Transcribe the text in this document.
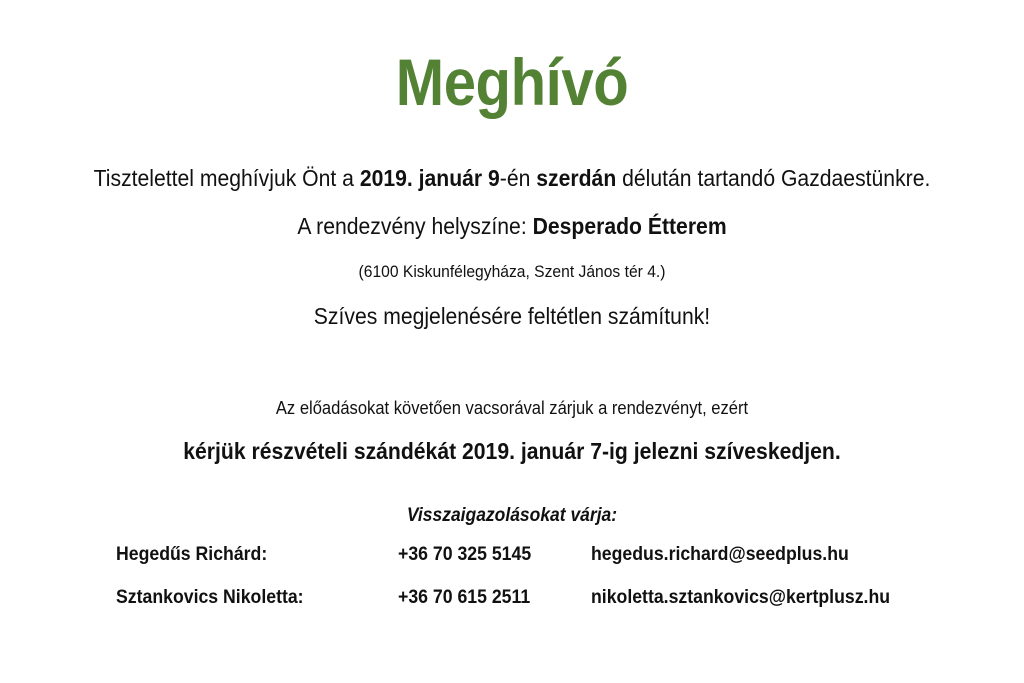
Meghívó
Tisztelettel meghívjuk Önt a 2019. január 9-én szerdán délután tartandó Gazdaestünkre.
A rendezvény helyszíne: Desperado Étterem
(6100 Kiskunfélegyháza, Szent János tér 4.)
Szíves megjelenésére feltétlen számítunk!
Az előadásokat követően vacsorával zárjuk a rendezvényt, ezért
kérjük részvételi szándékát 2019. január 7-ig jelezni szíveskedjen.
Visszaigazolásokat várja:
Hegedűs Richárd:	+36 70 325 5145	hegedus.richard@seedplus.hu
Sztankovics Nikoletta:	+36 70 615 2511	nikoletta.sztankovics@kertplusz.hu
